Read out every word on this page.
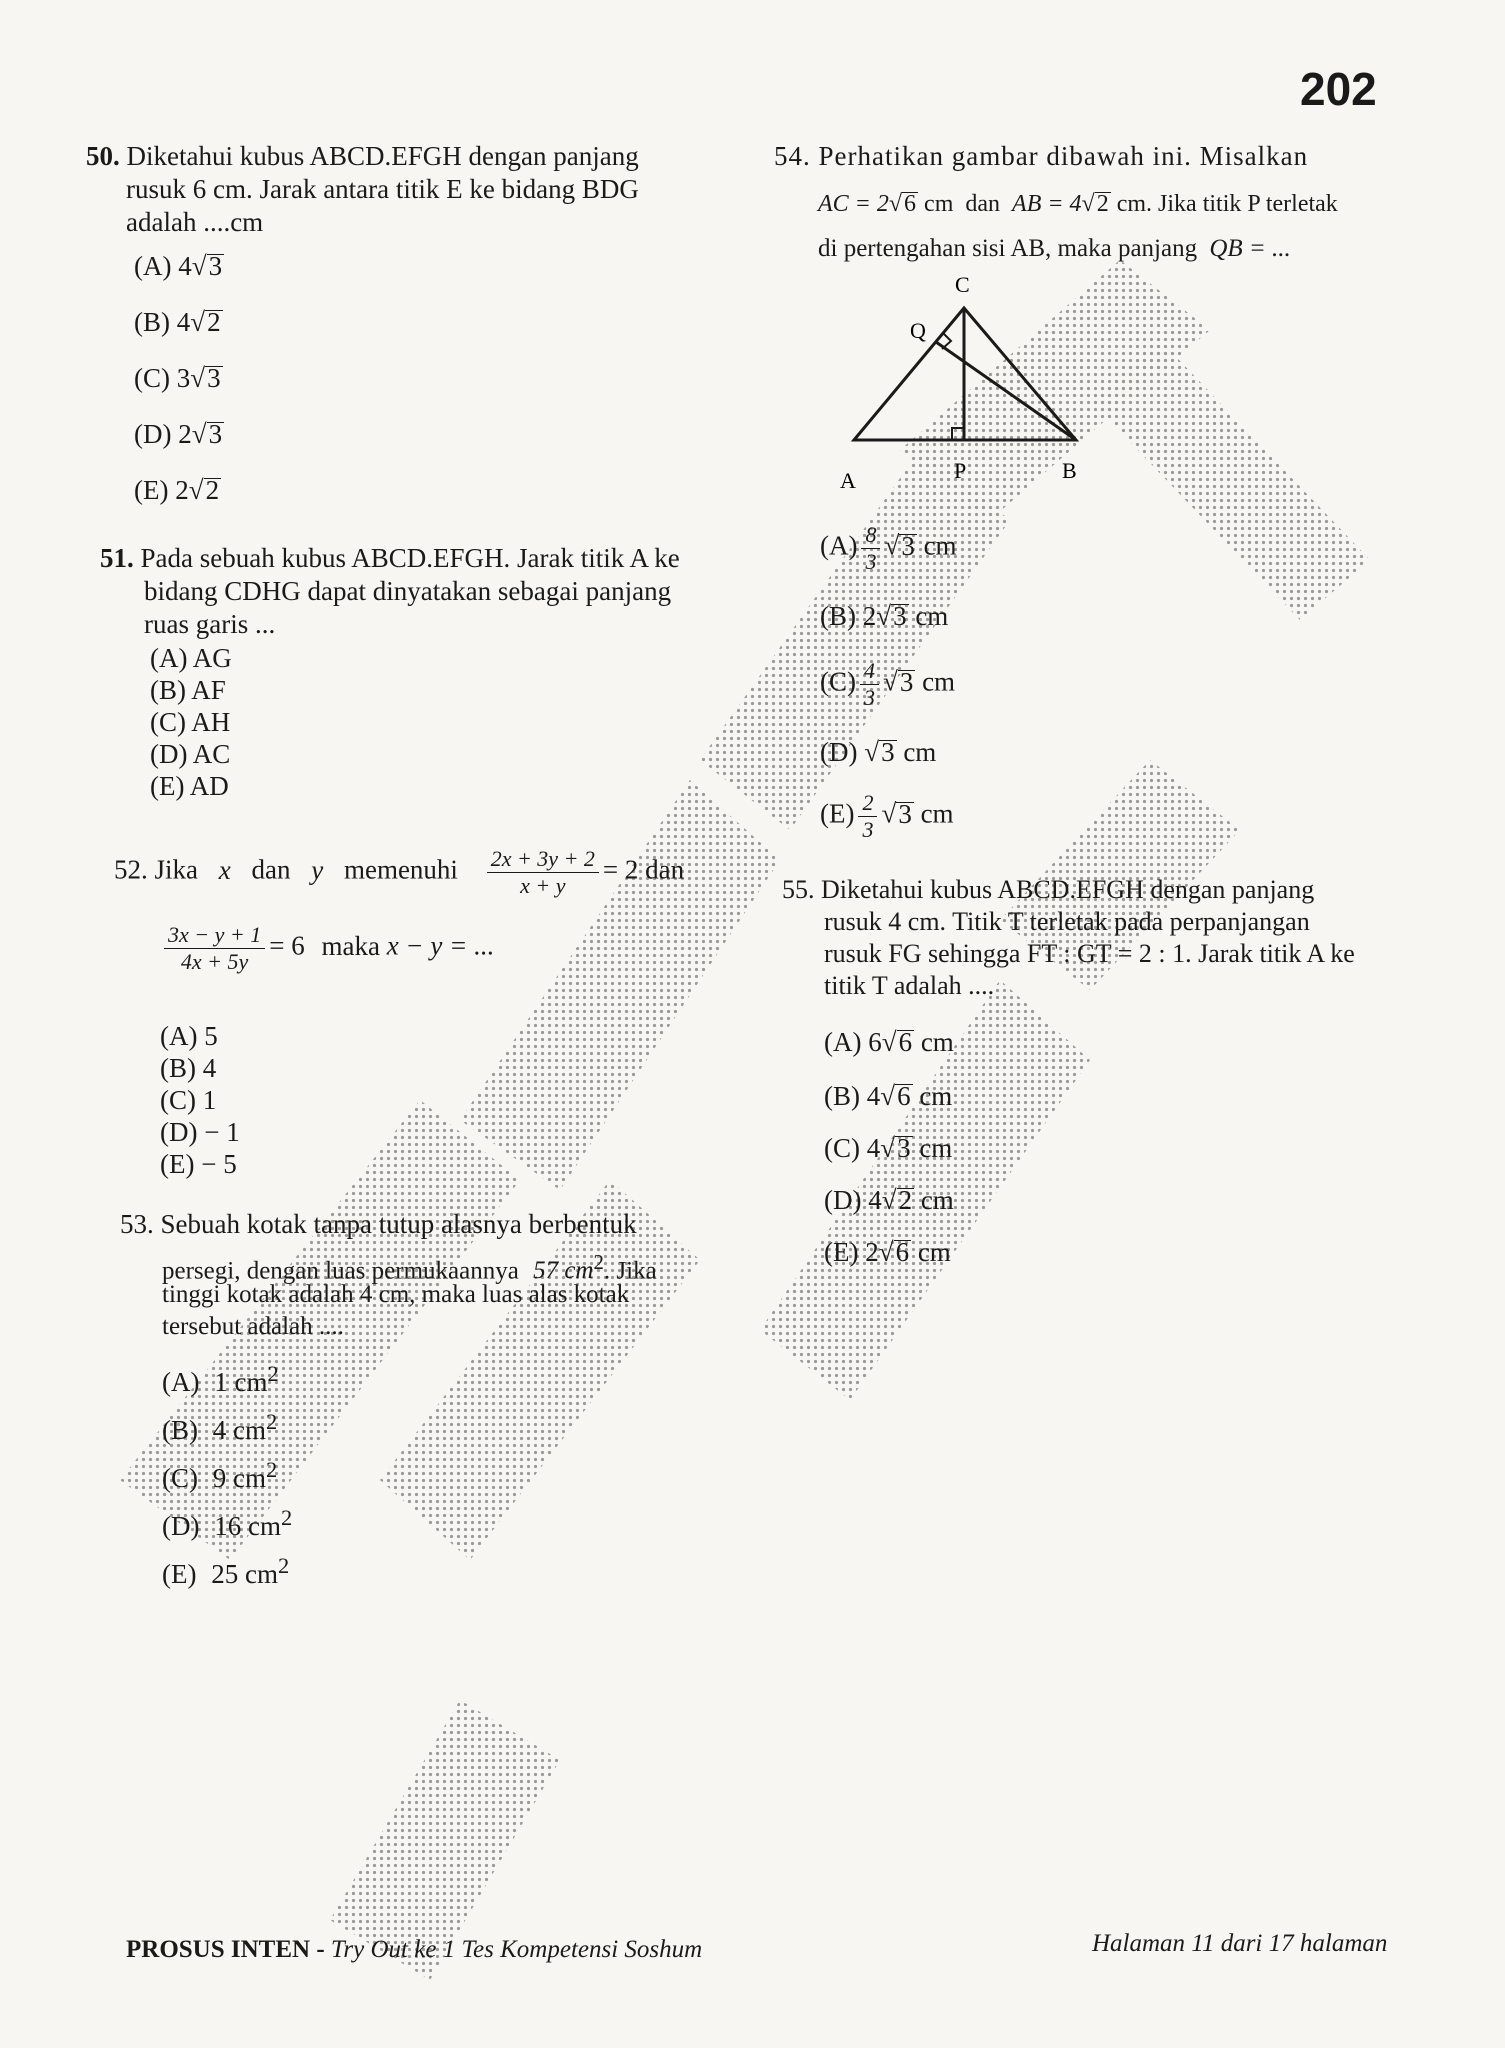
202
50. Diketahui kubus ABCD.EFGH dengan panjang
rusuk 6 cm. Jarak antara titik E ke bidang BDG
adalah ....cm
(A) 4√3
(B) 4√2
(C) 3√3
(D) 2√3
(E) 2√2
51. Pada sebuah kubus ABCD.EFGH. Jarak titik A ke
bidang CDHG dapat dinyatakan sebagai panjang
ruas garis ...
(A) AG
(B) AF
(C) AH
(D) AC
(E) AD
52. Jika x dan y memenuhi $\frac{2x + 3y + 2}{x + y} = 2$ dan
$\frac{3x - y + 1}{4x + 5y} = 6$ maka x − y = ...
(A) 5
(B) 4
(C) 1
(D) − 1
(E) − 5
53. Sebuah kotak tanpa tutup alasnya berbentuk
persegi, dengan luas permukaannya 57 $cm^2$. Jika
tinggi kotak adalah 4 cm, maka luas alas kotak
tersebut adalah ....
(A) 1 $cm^2$
(B) 4 $cm^2$
(C) 9 $cm^2$
(D) 16 $cm^2$
(E) 25 $cm^2$
54. Perhatikan gambar dibawah ini. Misalkan
AC = 2√6 cm dan AB = 4√2 cm. Jika titik P terletak
di pertengahan sisi AB, maka panjang QB = ...
C
Q
A	P	B
$(A) \frac{8}{3} √3$ cm
(B) 2√3 cm
$(C) \frac{4}{3} √3$ cm
(D) √3 cm
$(E) \frac{2}{3} √3$ cm
55. Diketahui kubus ABCD.EFGH dengan panjang
rusuk 4 cm. Titik T terletak pada perpanjangan
rusuk FG sehingga FT : GT = 2 : 1. Jarak titik A ke
titik T adalah ....
(A) 6√6 cm
(B) 4√6 cm
(C) 4√3 cm
(D) 4√2 cm
(E) 2√6 cm
PROSUS INTEN - Try Out ke 1 Tes Kompetensi Soshum	Halaman 11 dari 17 halaman
